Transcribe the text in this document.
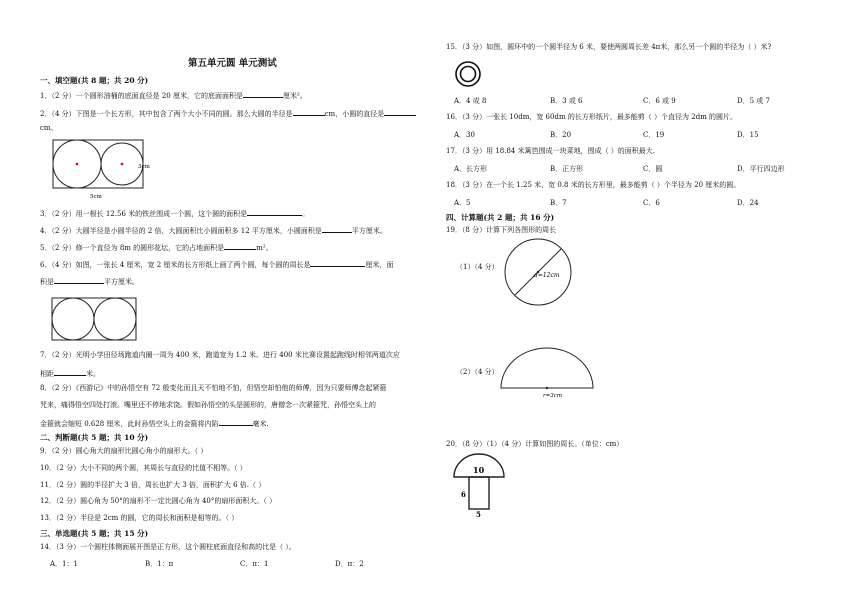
第五单元圆 单元测试
一、填空题(共 8 题；共 20 分)
1．（2 分）一个圆形油桶的底面直径是 20 厘米，它的底面面积是	厘米²。
2．（4 分）下图是一个长方形，其中包含了两个大小不同的圆。那么大圆的半径是	cm，小圆的直径是
cm。
3cm
5cm
3．（2 分）用一根长 12.56 米的铁丝围成一个圆，这个圆的面积是	。
4．（2 分）大圆半径是小圆半径的 2 倍，大圆面积比小圆面积多 12 平方厘米，小圆面积是	平方厘米。
5．（2 分）修一个直径为 8m 的圆形花坛，它的占地面积是	m²。
6．（4 分）如图，一张长 4 厘米，宽 2 厘米的长方形纸上画了两个圆，每个圆的周长是	厘米，面
积是	平方厘米。
7．（2 分）光明小学田径场跑道内圈一周为 400 米，跑道宽为 1.2 米。进行 400 米比赛设置起跑线时相邻两道次应
相距	米。
8．（2 分）《西游记》中的孙悟空有 72 般变化而且天不怕地不怕，但悟空却怕他的师傅，因为只要师傅念起紧箍
咒来，痛得悟空四处打滚。嘴里还不停地求饶。假如孙悟空的头是圆形的，唐僧念一次紧箍咒，孙悟空头上的
金箍就会缩短 0.628 厘米，此时孙悟空头上的金箍将内陷	毫米.
二、判断题(共 5 题；共 10 分)
9．（2 分）圆心角大的扇形比圆心角小的扇形大。（ ）
10．（2 分）大小不同的两个圆，其周长与直径的比值不相等。（ ）
11．（2 分）圆的半径扩大 3 倍，周长也扩大 3 倍，面积扩大 6 倍.（ ）
12．（2 分）圆心角为 50°的扇形不一定比圆心角为 40°的扇形面积大。（ ）
13．（2 分）半径是 2cm 的圆，它的周长和面积是相等的。（ ）
三、单选题(共 5 题；共 15 分)
14．（3 分）一个圆柱体侧面展开图是正方形，这个圆柱底面直径和高的比是（ ）。
A．1：1	B．1：π	C．π：1	D．π：2
15．（3 分）如图，圆环中的一个圆半径为 6 米，要使两圆周长差 4π米，那么另一个圆的半径为（ ）米?
A．4 或 8	B．3 或 6	C．6 或 9	D．5 或 7
16．（3 分）一张长 10dm，宽 60dm 的长方形纸片，最多能剪（ ）个直径为 2dm 的圆片。
A．30	B．20	C．19	D．15
17．（3 分）用 18.84 米篱笆围成一块菜地，围成（ ）的面积最大.
A．长方形	B．正方形	C．圆	D．平行四边形
18．（3 分）在一个长 1.25 米，宽 0.8 米的长方形里，最多能剪（ ）个半径为 20 厘米的圆。
A．5	B．7	C．6	D．24
四、计算题(共 2 题；共 16 分)
19．（8 分）计算下列各图形的周长
（1）（4 分）
d=12cm
（2）（4 分）
r=3cm
20．（8 分）（1）（4 分）计算如图的周长。（单位：cm）
10
6
5
